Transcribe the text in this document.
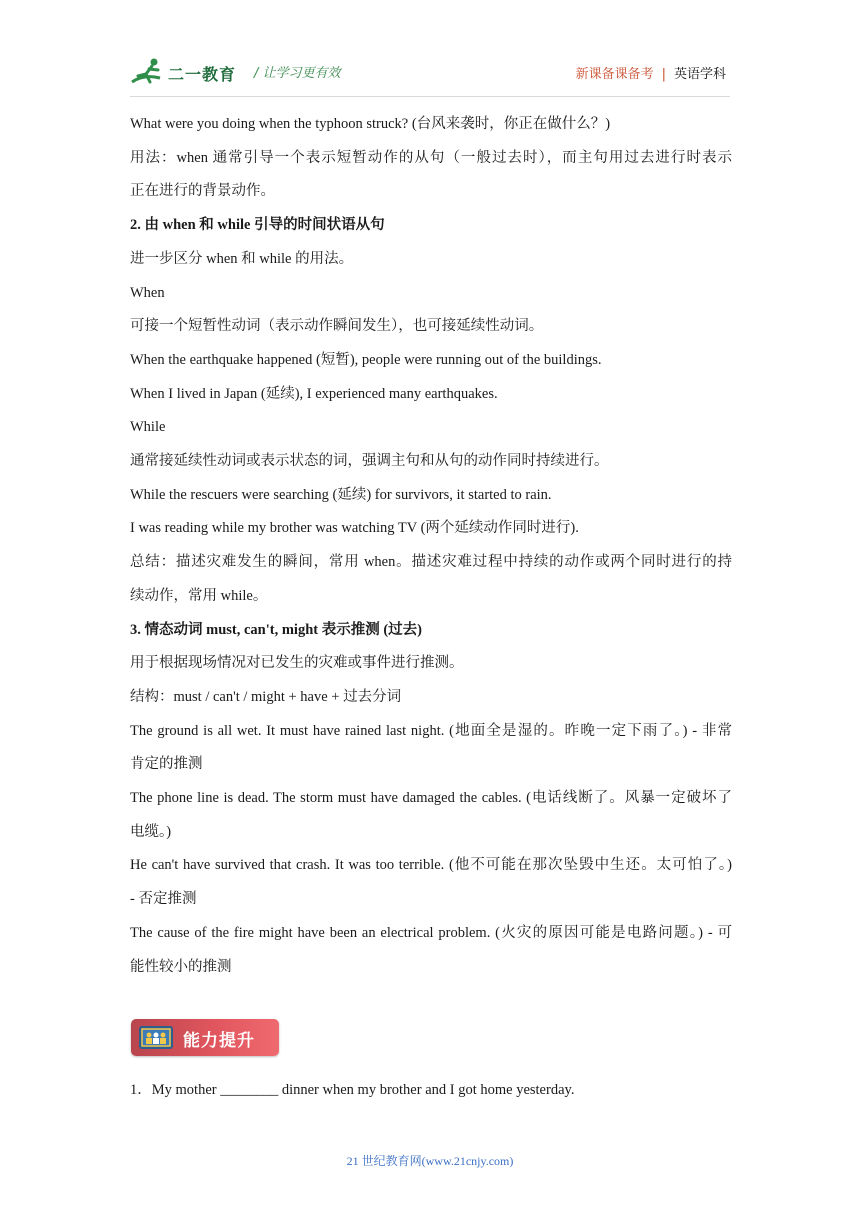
二一教育 / 让学习更有效	新课备课备考 | 英语学科
What were you doing when the typhoon struck? (台风来袭时，你正在做什么？)
用法：when 通常引导一个表示短暂动作的从句（一般过去时），而主句用过去进行时表示
正在进行的背景动作。
2. 由 when 和 while 引导的时间状语从句
进一步区分 when 和 while 的用法。
When
可接一个短暂性动词（表示动作瞬间发生），也可接延续性动词。
When the earthquake happened (短暂), people were running out of the buildings.
When I lived in Japan (延续), I experienced many earthquakes.
While
通常接延续性动词或表示状态的词，强调主句和从句的动作同时持续进行。
While the rescuers were searching (延续) for survivors, it started to rain.
I was reading while my brother was watching TV (两个延续动作同时进行).
总结：描述灾难发生的瞬间，常用 when。描述灾难过程中持续的动作或两个同时进行的持
续动作，常用 while。
3. 情态动词 must, can't, might 表示推测 (过去)
用于根据现场情况对已发生的灾难或事件进行推测。
结构：must / can't / might + have + 过去分词
The ground is all wet. It must have rained last night. (地面全是湿的。昨晚一定下雨了。) - 非常
肯定的推测
The phone line is dead. The storm must have damaged the cables. (电话线断了。风暴一定破坏了
电缆。)
He can't have survived that crash. It was too terrible. (他不可能在那次坠毁中生还。太可怕了。)
- 否定推测
The cause of the fire might have been an electrical problem. (火灾的原因可能是电路问题。) - 可
能性较小的推测
能力提升
1．My mother ________ dinner when my brother and I got home yesterday.
21 世纪教育网(www.21cnjy.com)
